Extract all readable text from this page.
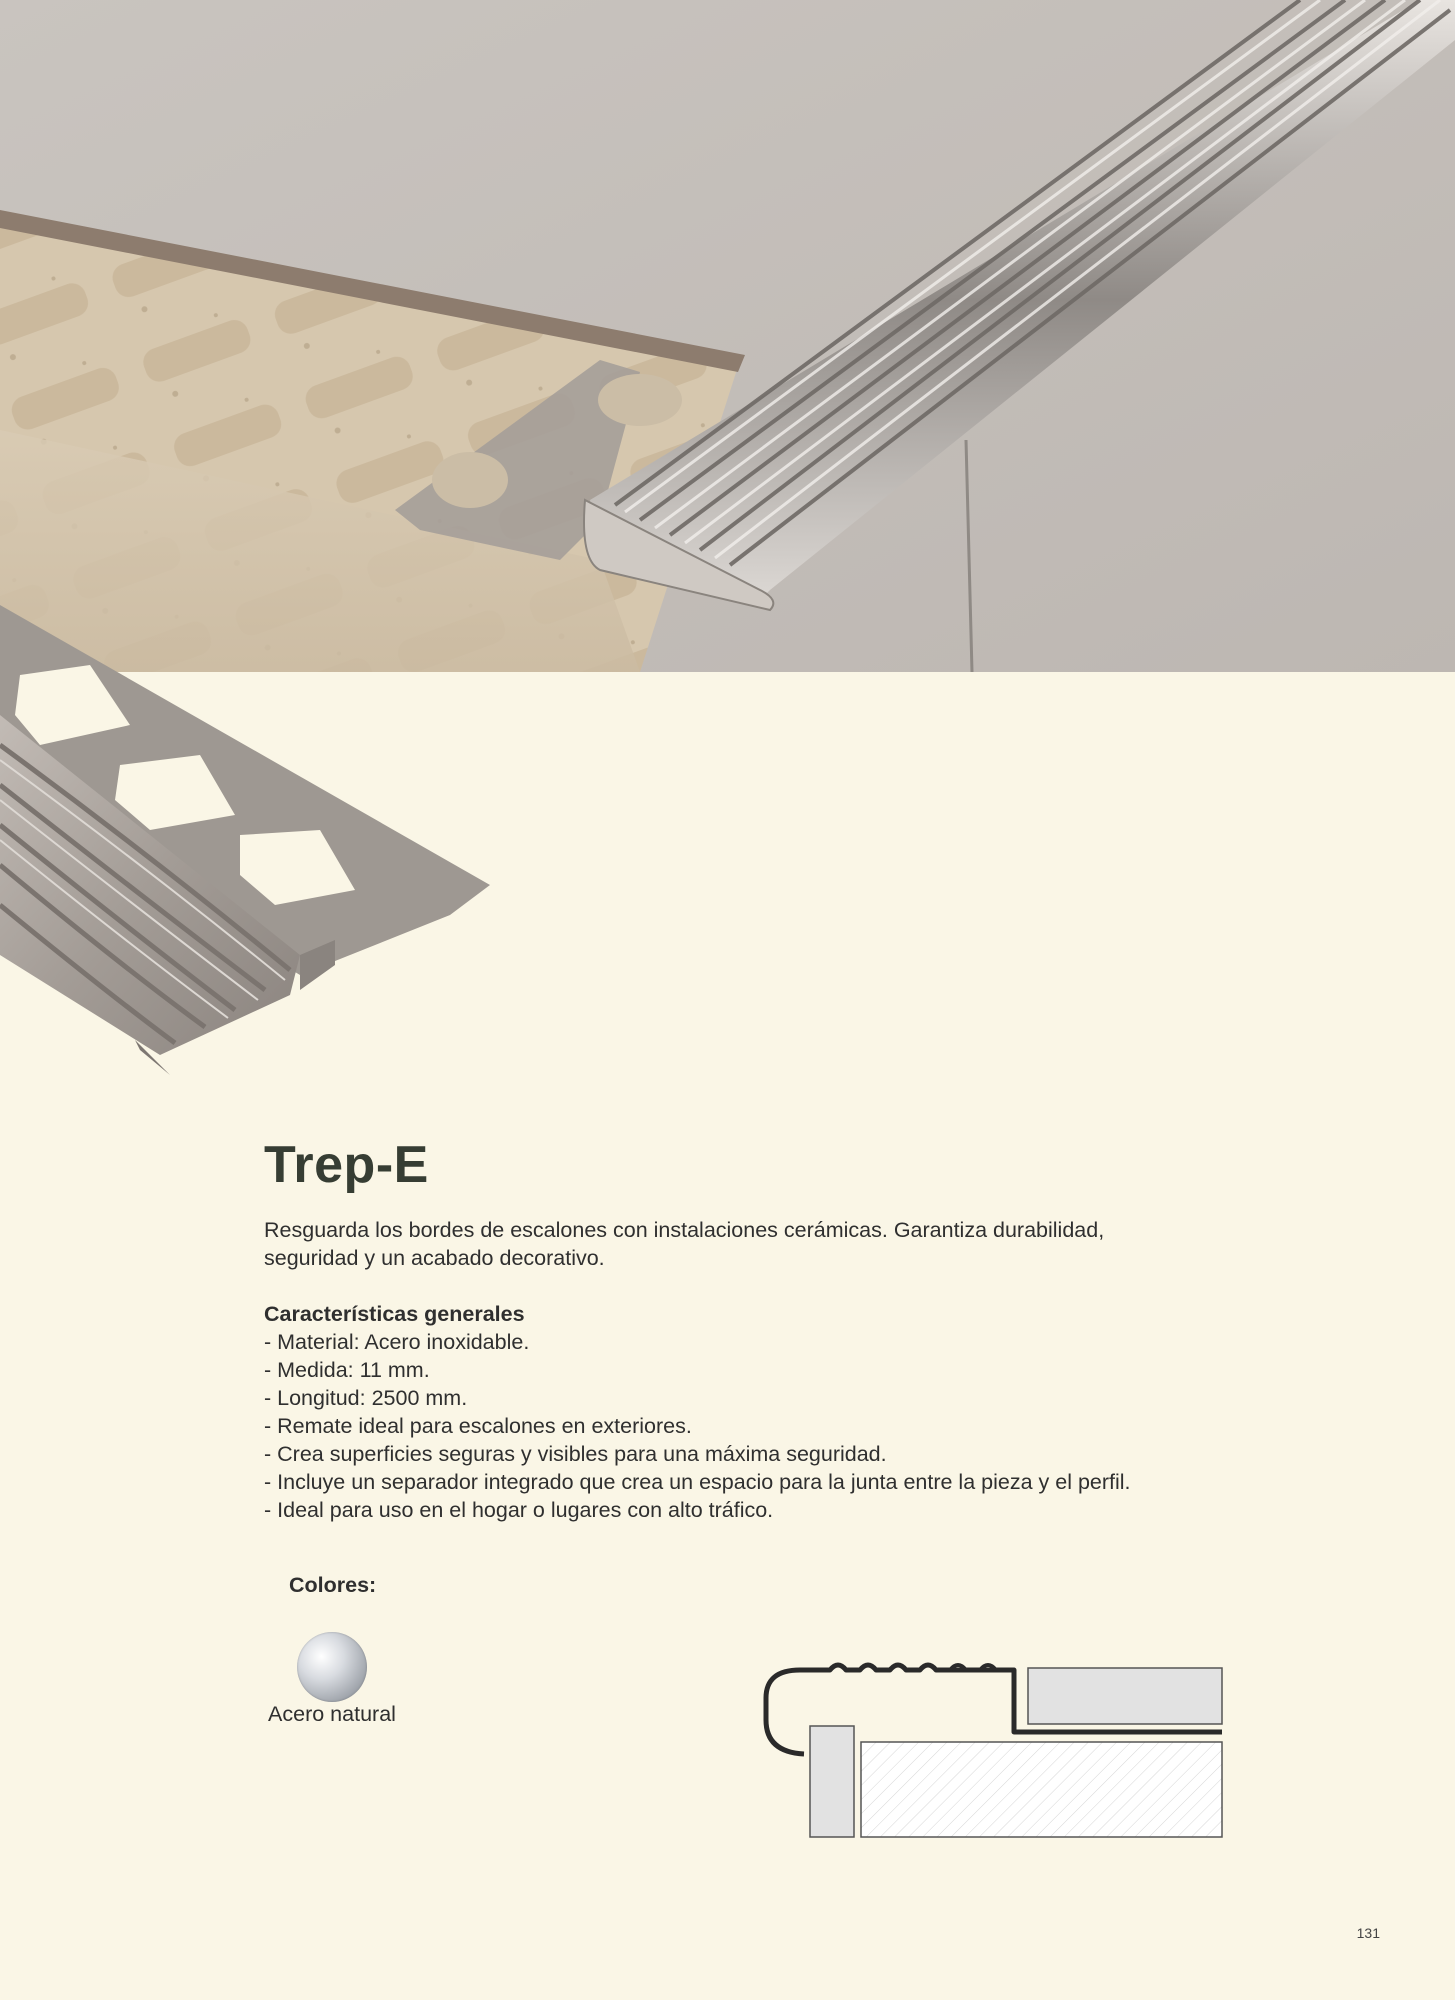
Trep-E

Resguarda los bordes de escalones con instalaciones cerámicas. Garantiza durabilidad, seguridad y un acabado decorativo.

Características generales
- Material: Acero inoxidable.
- Medida: 11 mm.
- Longitud: 2500 mm.
- Remate ideal para escalones en exteriores.
- Crea superficies seguras y visibles para una máxima seguridad.
- Incluye un separador integrado que crea un espacio para la junta entre la pieza y el perfil.
- Ideal para uso en el hogar o lugares con alto tráfico.
Colores:
Acero natural
131
